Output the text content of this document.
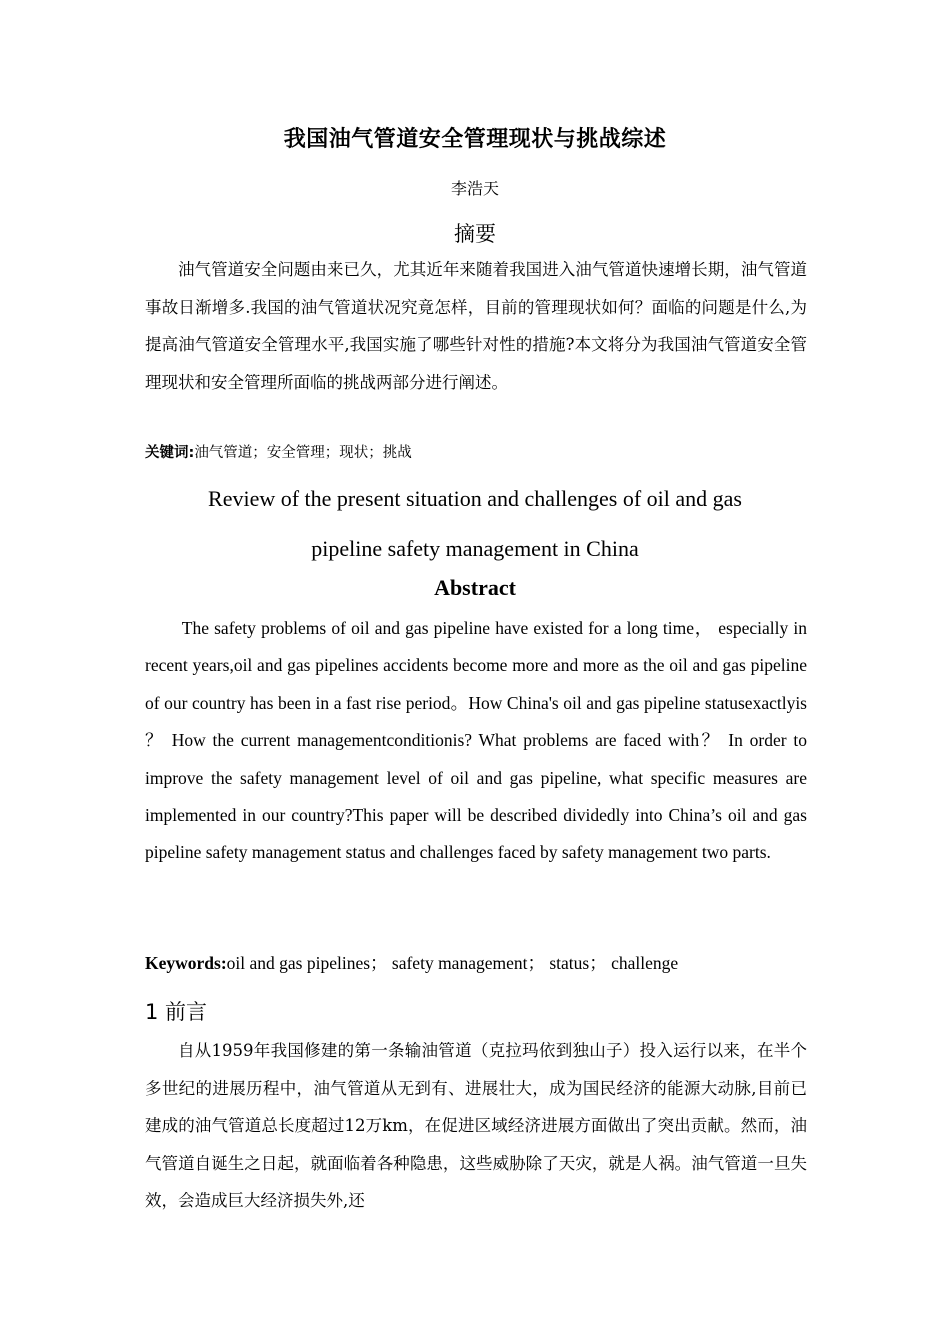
我国油气管道安全管理现状与挑战综述
李浩天
摘要
油气管道安全问题由来已久，尤其近年来随着我国进入油气管道快速增长期，油气管道事故日渐增多.我国的油气管道状况究竟怎样，目前的管理现状如何？面临的问题是什么,为提高油气管道安全管理水平,我国实施了哪些针对性的措施?本文将分为我国油气管道安全管理现状和安全管理所面临的挑战两部分进行阐述。
关键词:油气管道；安全管理；现状；挑战
Review of the present situation and challenges of oil and gas
pipeline safety management in China
Abstract
The safety problems of oil and gas pipeline have existed for a long time， especially in recent years,oil and gas pipelines accidents become more and more as the oil and gas pipeline of our country has been in a fast rise period。How China's oil and gas pipeline statusexactlyis ？ How the current managementconditionis? What problems are faced with？ In order to improve the safety management level of oil and gas pipeline, what specific measures are implemented in our country?This paper will be described dividedly into China’s oil and gas pipeline safety management status and challenges faced by safety management two parts.
Keywords:oil and gas pipelines； safety management； status； challenge
1 前言
自从1959年我国修建的第一条输油管道（克拉玛依到独山子）投入运行以来，在半个多世纪的进展历程中，油气管道从无到有、进展壮大，成为国民经济的能源大动脉,目前已建成的油气管道总长度超过12万km，在促进区域经济进展方面做出了突出贡献。然而，油气管道自诞生之日起，就面临着各种隐患，这些威胁除了天灾，就是人祸。油气管道一旦失效，会造成巨大经济损失外,还
